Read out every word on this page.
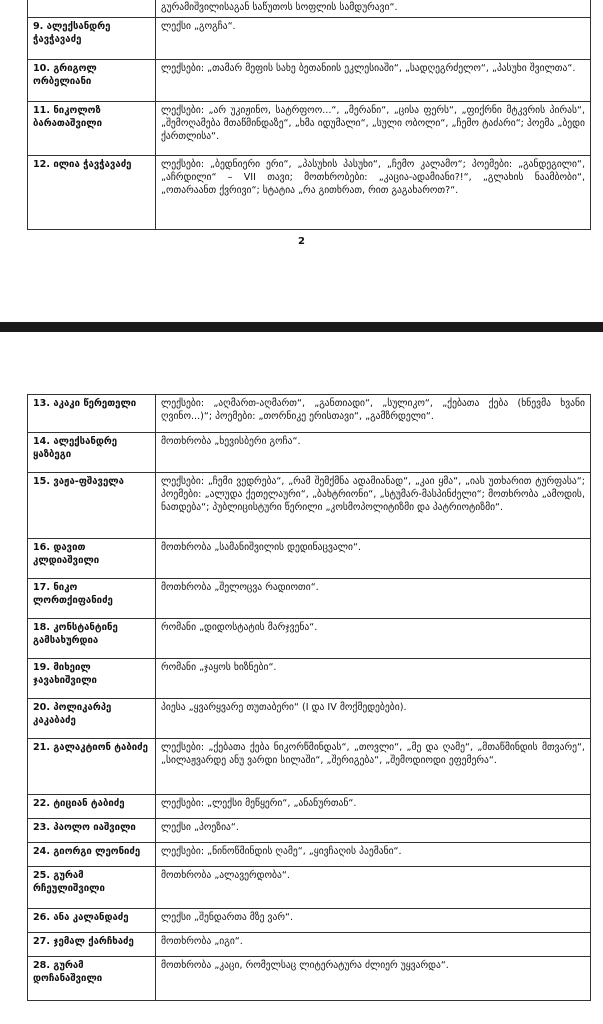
	გურამიშვილისაგან საწუთოს სოფლის სამდურავი“.
9. ალექსანდრე ჭავჭავაძე	ლექსი „გოგჩა“.
10. გრიგოლ ორბელიანი	ლექსები: „თამარ მეფის სახე ბეთანიის ეკლესიაში“, „სადღეგრძელო“, „პასუხი შვილთა“.
11. ნიკოლოზ ბარათაშვილი	ლექსები: „არ უკიჟინო, სატრფოო...“, „მერანი“, „ცისა ფერს“, „ფიქრნი მტკვრის პირას“, „შემოღამება მთაწმინდაზე“, „ხმა იდუმალი“, „სული ობოლი“, „ჩემო ტაძარი“; პოემა „ბედი ქართლისა“.
12. ილია ჭავჭავაძე	ლექსები: „ბედნიერი ერი“, „პასუხის პასუხი“, „ჩემო კალამო“; პოემები: „განდეგილი“, „აჩრდილი“ – VII თავი; მოთხრობები: „კაცია-ადამიანი?!“, „გლახის ნაამბობი“, „ოთარაანთ ქვრივი“; სტატია „რა გითხრათ, რით გაგახაროთ?“.
2
13. აკაკი წერეთელი	ლექსები: „აღმართ-აღმართ“, „განთიადი“, „სულიკო“, „ქებათა ქება (ხნევმა ხვანი ღვინო...)“; პოემები: „თორნიკე ერისთავი“, „გამზრდელი“.
14. ალექსანდრე ყაზბეგი	მოთხრობა „ხევისბერი გოჩა“.
15. ვაჟა-ფშაველა	ლექსები: „ჩემი ვედრება“, „რამ შემქმნა ადამიანად“, „კაი ყმა“, „იას უთხარით ტურფასა“; პოემები: „ალუდა ქეთელაური“, „ბახტრიონი“, „სტუმარ-მასპინძელი“; მოთხრობა „ამოდის, ნათდება“; პუბლიცისტური წერილი „კოსმოპოლიტიზმი და პატრიოტიზმი“.
16. დავით კლდიაშვილი	მოთხრობა „სამანიშვილის დედინაცვალი“.
17. ნიკო ლორთქიფანიძე	მოთხრობა „შელოცვა რადიოთი“.
18. კონსტანტინე გამსახურდია	რომანი „დიდოსტატის მარჯვენა“.
19. მიხეილ ჯავახიშვილი	რომანი „ჯაყოს ხიზნები“.
20. პოლიკარპე კაკაბაძე	პიესა „ყვარყვარე თუთაბერი“ (I და IV მოქმედებები).
21. გალაკტიონ ტაბიძე	ლექსები: „ქებათა ქება ნიკორწმინდას“, „თოვლი“, „მე და ღამე“, „მთაწმინდის მთვარე“, „სილაჟვარდე ანუ ვარდი სილაში“, „შერიგება“, „შემოდიოდი ეფემერა“.
22. ტიციან ტაბიძე	ლექსები: „ლექსი მეწყერი“, „ანანურთან“.
23. პაოლო იაშვილი	ლექსი „პოეზია“.
24. გიორგი ლეონიძე	ლექსები: „ნინოწმინდის ღამე“, „ყივჩაღის პაემანი“.
25. გურამ რჩეულიშვილი	მოთხრობა „ალავერდობა“.
26. ანა კალანდაძე	ლექსი „შენდართა მზე ვარ“.
27. ჯემალ ქარჩხაძე	მოთხრობა „იგი“.
28. გურამ დოჩანაშვილი	მოთხრობა „კაცი, რომელსაც ლიტერატურა ძლიერ უყვარდა“.
